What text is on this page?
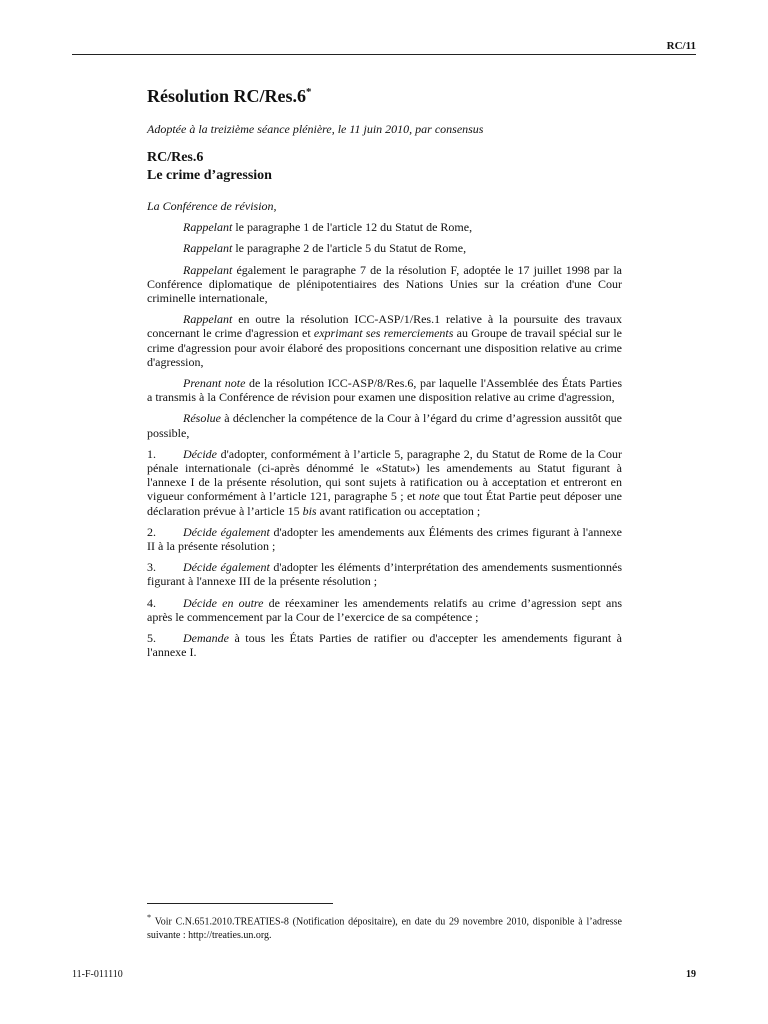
RC/11
Résolution RC/Res.6*
Adoptée à la treizième séance plénière, le 11 juin 2010, par consensus
RC/Res.6
Le crime d’agression

La Conférence de révision,

Rappelant le paragraphe 1 de l'article 12 du Statut de Rome,

Rappelant le paragraphe 2 de l'article 5 du Statut de Rome,

Rappelant également le paragraphe 7 de la résolution F, adoptée le 17 juillet 1998 par la Conférence diplomatique de plénipotentiaires des Nations Unies sur la création d'une Cour criminelle internationale,

Rappelant en outre la résolution ICC-ASP/1/Res.1 relative à la poursuite des travaux concernant le crime d'agression et exprimant ses remerciements au Groupe de travail spécial sur le crime d'agression pour avoir élaboré des propositions concernant une disposition relative au crime d'agression,

Prenant note de la résolution ICC-ASP/8/Res.6, par laquelle l'Assemblée des États Parties a transmis à la Conférence de révision pour examen une disposition relative au crime d'agression,

Résolue à déclencher la compétence de la Cour à l’égard du crime d’agression aussitôt que possible,

1. Décide d'adopter, conformément à l’article 5, paragraphe 2, du Statut de Rome de la Cour pénale internationale (ci-après dénommé le «Statut») les amendements au Statut figurant à l'annexe I de la présente résolution, qui sont sujets à ratification ou à acceptation et entreront en vigueur conformément à l’article 121, paragraphe 5 ; et note que tout État Partie peut déposer une déclaration prévue à l’article 15 bis avant ratification ou acceptation ;

2. Décide également d'adopter les amendements aux Éléments des crimes figurant à l'annexe II à la présente résolution ;

3. Décide également d'adopter les éléments d’interprétation des amendements susmentionnés figurant à l'annexe III de la présente résolution ;

4. Décide en outre de réexaminer les amendements relatifs au crime d’agression sept ans après le commencement par la Cour de l’exercice de sa compétence ;

5. Demande à tous les États Parties de ratifier ou d'accepter les amendements figurant à l'annexe I.

* Voir C.N.651.2010.TREATIES-8 (Notification dépositaire), en date du 29 novembre 2010, disponible à l’adresse suivante : http://treaties.un.org.
11-F-011110	19
